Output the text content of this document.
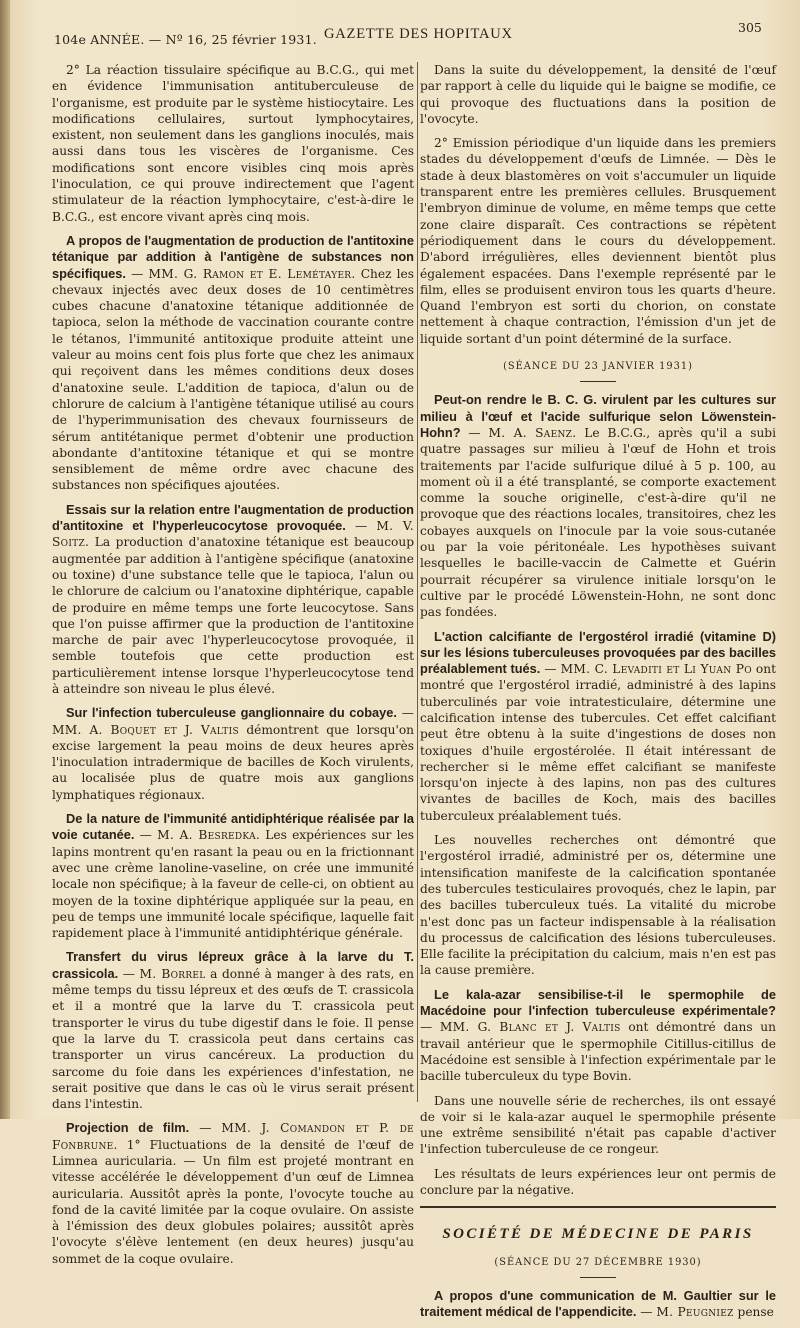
104e ANNÉE. — Nº 16, 25 février 1931. GAZETTE DES HOPITAUX	305

2° La réaction tissulaire spécifique au B.C.G., qui met en évidence l'immunisation antituberculeuse de l'organisme, est produite par le système histiocytaire. Les modifications cellulaires, surtout lymphocytaires, existent, non seulement dans les ganglions inoculés, mais aussi dans tous les viscères de l'organisme. Ces modifications sont encore visibles cinq mois après l'inoculation, ce qui prouve indirectement que l'agent stimulateur de la réaction lymphocytaire, c'est-à-dire le B.C.G., est encore vivant après cinq mois.

A propos de l'augmentation de production de l'antitoxine tétanique par addition à l'antigène de substances non spécifiques. — MM. G. Ramon et E. Lemétayer. Chez les chevaux injectés avec deux doses de 10 centimètres cubes chacune d'anatoxine tétanique additionnée de tapioca, selon la méthode de vaccination courante contre le tétanos, l'immunité antitoxique produite atteint une valeur au moins cent fois plus forte que chez les animaux qui reçoivent dans les mêmes conditions deux doses d'anatoxine seule. L'addition de tapioca, d'alun ou de chlorure de calcium à l'antigène tétanique utilisé au cours de l'hyperimmunisation des chevaux fournisseurs de sérum antitétanique permet d'obtenir une production abondante d'antitoxine tétanique et qui se montre sensiblement de même ordre avec chacune des substances non spécifiques ajoutées.

Essais sur la relation entre l'augmentation de production d'antitoxine et l'hyperleucocytose provoquée. — M. V. Soitz. La production d'anatoxine tétanique est beaucoup augmentée par addition à l'antigène spécifique (anatoxine ou toxine) d'une substance telle que le tapioca, l'alun ou le chlorure de calcium ou l'anatoxine diphtérique, capable de produire en même temps une forte leucocytose. Sans que l'on puisse affirmer que la production de l'antitoxine marche de pair avec l'hyperleucocytose provoquée, il semble toutefois que cette production est particulièrement intense lorsque l'hyperleucocytose tend à atteindre son niveau le plus élevé.

Sur l'infection tuberculeuse ganglionnaire du cobaye. — MM. A. Boquet et J. Valtis démontrent que lorsqu'on excise largement la peau moins de deux heures après l'inoculation intradermique de bacilles de Koch virulents, au localisée plus de quatre mois aux ganglions lymphatiques régionaux.

De la nature de l'immunité antidiphtérique réalisée par la voie cutanée. — M. A. Besredka. Les expériences sur les lapins montrent qu'en rasant la peau ou en la frictionnant avec une crème lanoline-vaseline, on crée une immunité locale non spécifique; à la faveur de celle-ci, on obtient au moyen de la toxine diphtérique appliquée sur la peau, en peu de temps une immunité locale spécifique, laquelle fait rapidement place à l'immunité antidiphtérique générale.

Transfert du virus lépreux grâce à la larve du T. crassicola. — M. Borrel a donné à manger à des rats, en même temps du tissu lépreux et des œufs de T. crassicola et il a montré que la larve du T. crassicola peut transporter le virus du tube digestif dans le foie. Il pense que la larve du T. crassicola peut dans certains cas transporter un virus cancéreux. La production du sarcome du foie dans les expériences d'infestation, ne serait positive que dans le cas où le virus serait présent dans l'intestin.

Projection de film. — MM. J. Comandon et P. de Fonbrune. 1° Fluctuations de la densité de l'œuf de Limnea auricularia. — Un film est projeté montrant en vitesse accélérée le développement d'un œuf de Limnea auricularia. Aussitôt après la ponte, l'ovocyte touche au fond de la cavité limitée par la coque ovulaire. On assiste à l'émission des deux globules polaires; aussitôt après l'ovocyte s'élève lentement (en deux heures) jusqu'au sommet de la coque ovulaire.

Dans la suite du développement, la densité de l'œuf par rapport à celle du liquide qui le baigne se modifie, ce qui provoque des fluctuations dans la position de l'ovocyte.

2° Emission périodique d'un liquide dans les premiers stades du développement d'œufs de Limnée. — Dès le stade à deux blastomères on voit s'accumuler un liquide transparent entre les premières cellules. Brusquement l'embryon diminue de volume, en même temps que cette zone claire disparaît. Ces contractions se répètent périodiquement dans le cours du développement. D'abord irrégulières, elles deviennent bientôt plus également espacées. Dans l'exemple représenté par le film, elles se produisent environ tous les quarts d'heure. Quand l'embryon est sorti du chorion, on constate nettement à chaque contraction, l'émission d'un jet de liquide sortant d'un point déterminé de la surface.

(SÉANCE DU 23 JANVIER 1931)

Peut-on rendre le B. C. G. virulent par les cultures sur milieu à l'œuf et l'acide sulfurique selon Löwenstein-Hohn? — M. A. Saenz. Le B.C.G., après qu'il a subi quatre passages sur milieu à l'œuf de Hohn et trois traitements par l'acide sulfurique dilué à 5 p. 100, au moment où il a été transplanté, se comporte exactement comme la souche originelle, c'est-à-dire qu'il ne provoque que des réactions locales, transitoires, chez les cobayes auxquels on l'inocule par la voie sous-cutanée ou par la voie péritonéale. Les hypothèses suivant lesquelles le bacille-vaccin de Calmette et Guérin pourrait récupérer sa virulence initiale lorsqu'on le cultive par le procédé Löwenstein-Hohn, ne sont donc pas fondées.

L'action calcifiante de l'ergostérol irradié (vitamine D) sur les lésions tuberculeuses provoquées par des bacilles préalablement tués. — MM. C. Levaditi et Li Yuan Po ont montré que l'ergostérol irradié, administré à des lapins tuberculinés par voie intratesticulaire, détermine une calcification intense des tubercules. Cet effet calcifiant peut être obtenu à la suite d'ingestions de doses non toxiques d'huile ergostérolée. Il était intéressant de rechercher si le même effet calcifiant se manifeste lorsqu'on injecte à des lapins, non pas des cultures vivantes de bacilles de Koch, mais des bacilles tuberculeux préalablement tués.

Les nouvelles recherches ont démontré que l'ergostérol irradié, administré per os, détermine une intensification manifeste de la calcification spontanée des tubercules testiculaires provoqués, chez le lapin, par des bacilles tuberculeux tués. La vitalité du microbe n'est donc pas un facteur indispensable à la réalisation du processus de calcification des lésions tuberculeuses. Elle facilite la précipitation du calcium, mais n'en est pas la cause première.

Le kala-azar sensibilise-t-il le spermophile de Macédoine pour l'infection tuberculeuse expérimentale? — MM. G. Blanc et J. Valtis ont démontré dans un travail antérieur que le spermophile Citillus-citillus de Macédoine est sensible à l'infection expérimentale par le bacille tuberculeux du type Bovin.

Dans une nouvelle série de recherches, ils ont essayé de voir si le kala-azar auquel le spermophile présente une extrême sensibilité n'était pas capable d'activer l'infection tuberculeuse de ce rongeur.

Les résultats de leurs expériences leur ont permis de conclure par la négative.

SOCIÉTÉ DE MÉDECINE DE PARIS

(SÉANCE DU 27 DÉCEMBRE 1930)

A propos d'une communication de M. Gaultier sur le traitement médical de l'appendicite. — M. Peugniez pense
